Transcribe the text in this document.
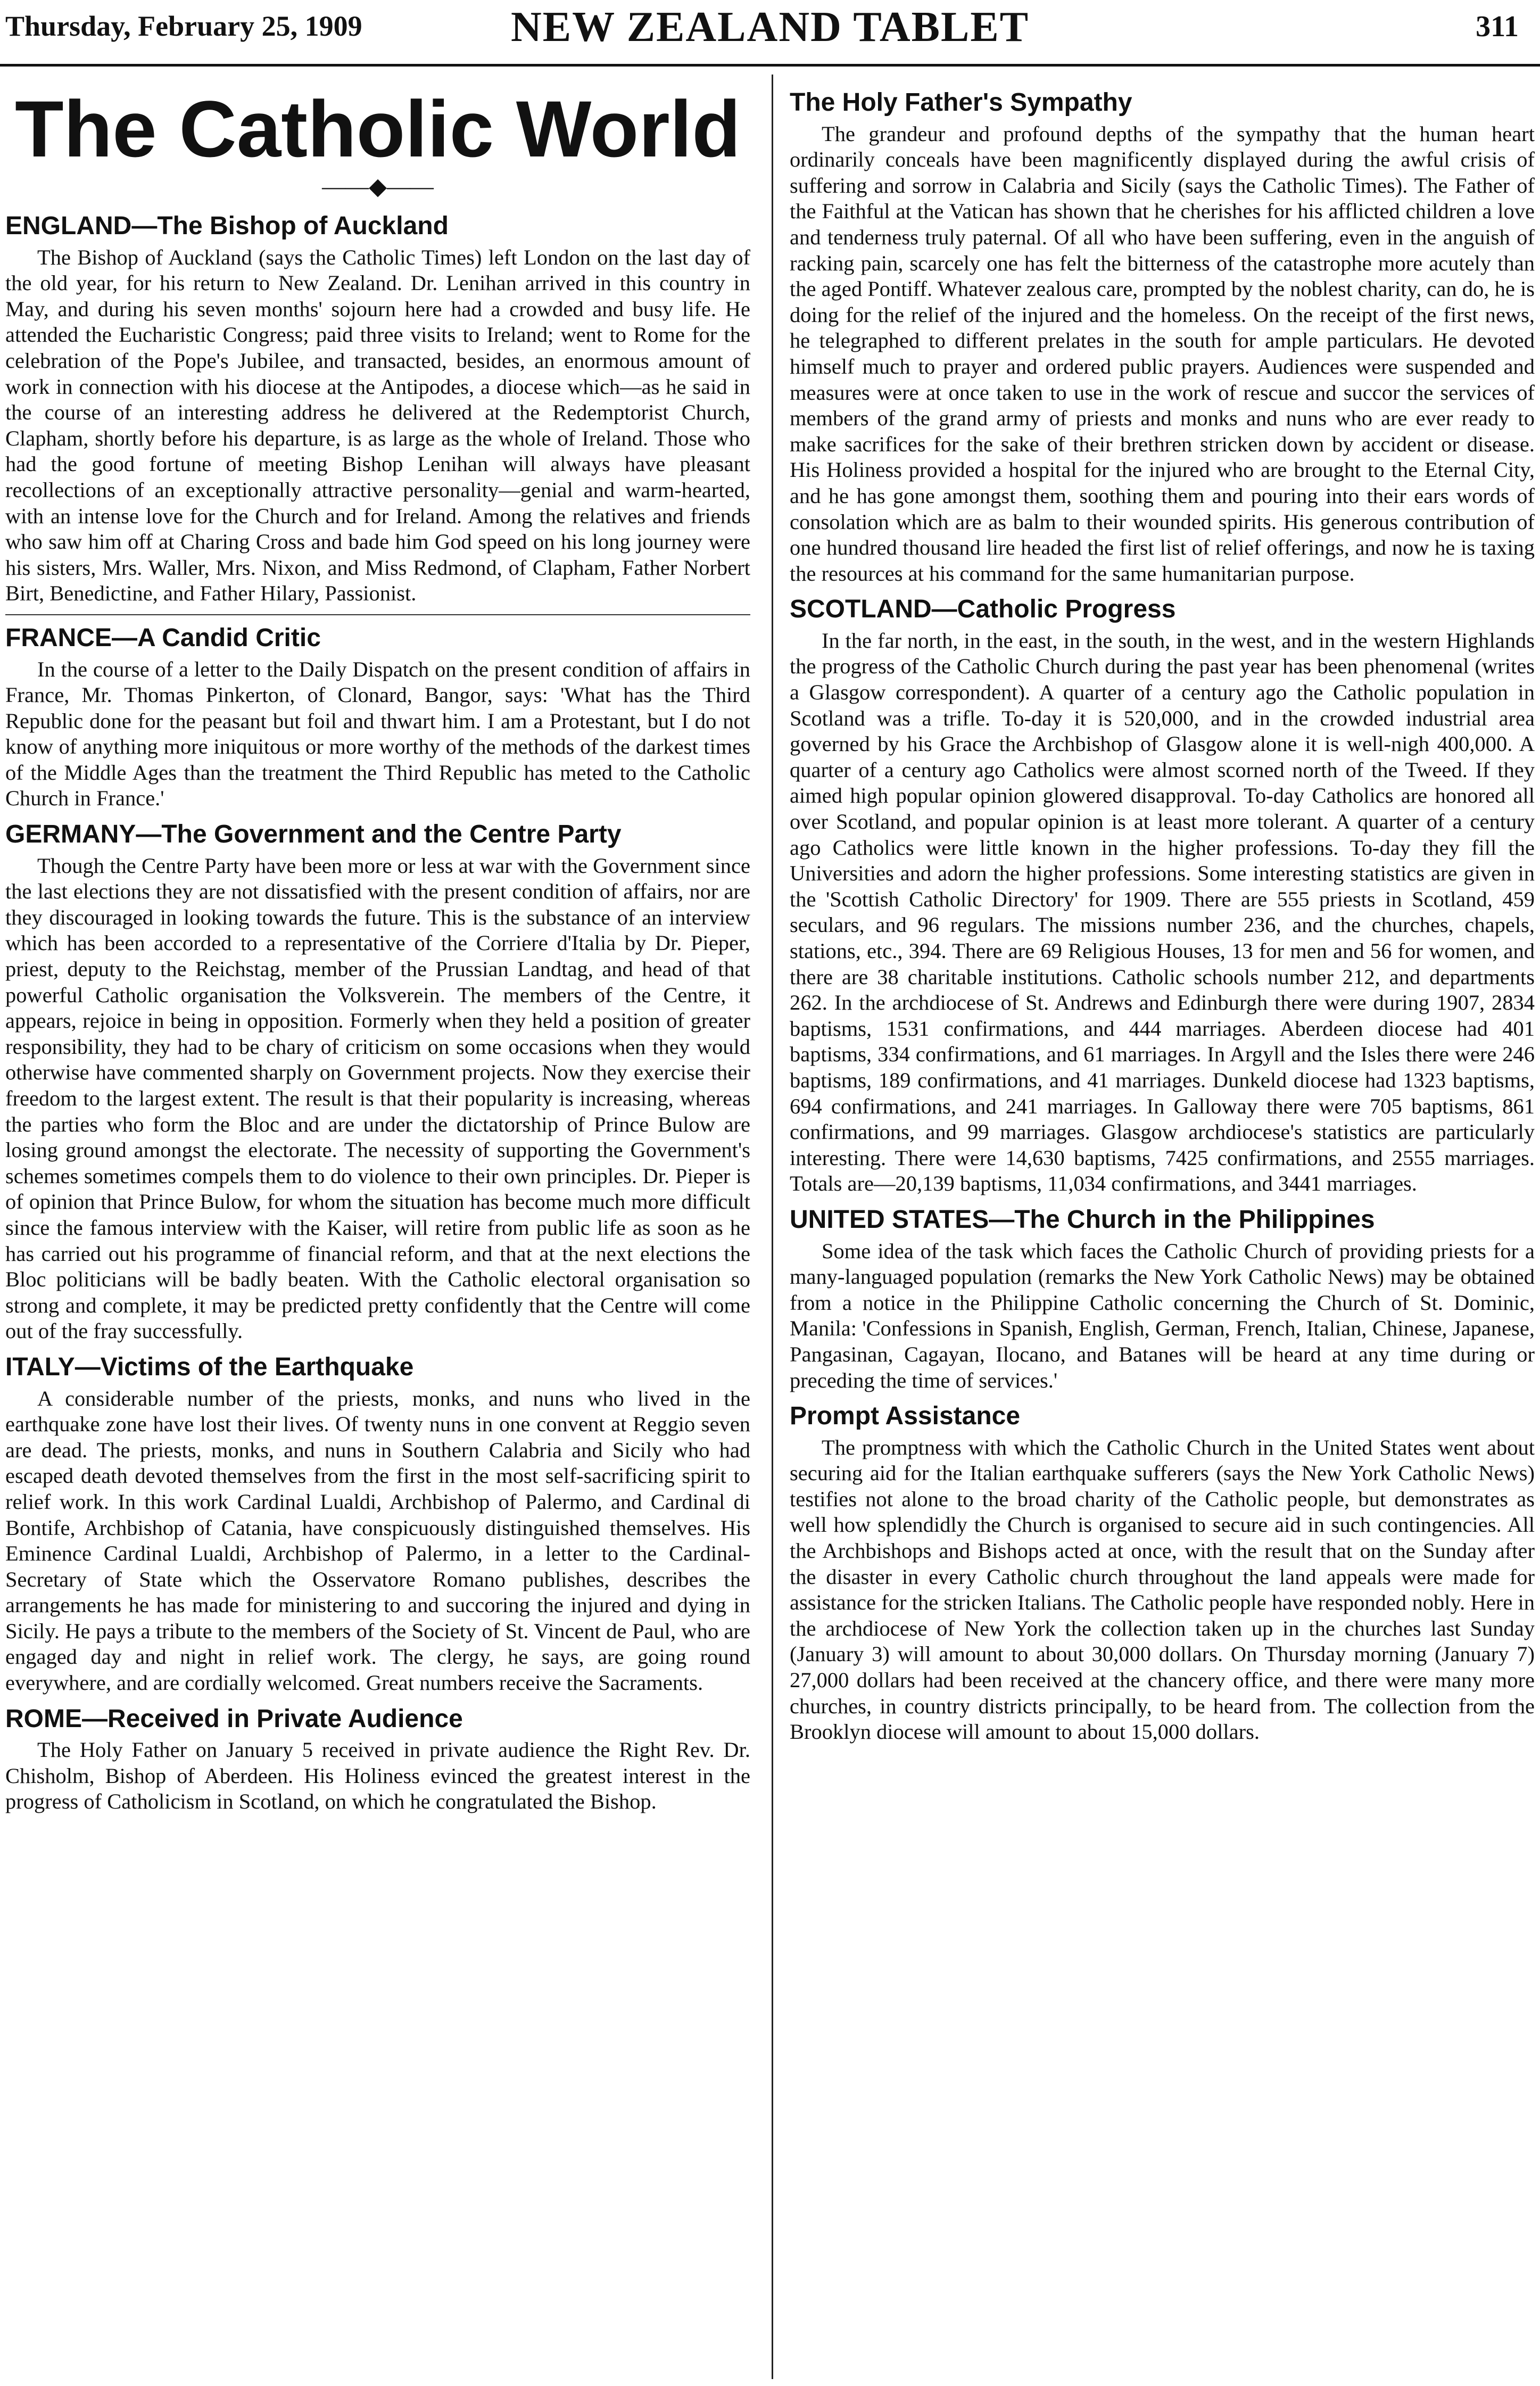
Thursday, February 25, 1909	NEW ZEALAND TABLET	311
The Catholic World
——◆——
ENGLAND—The Bishop of Auckland

The Bishop of Auckland (says the Catholic Times) left London on the last day of the old year, for his return to New Zealand. Dr. Lenihan arrived in this country in May, and during his seven months' sojourn here had a crowded and busy life. He attended the Eucharistic Congress; paid three visits to Ireland; went to Rome for the celebration of the Pope's Jubilee, and transacted, besides, an enormous amount of work in connection with his diocese at the Antipodes, a diocese which—as he said in the course of an interesting address he delivered at the Redemptorist Church, Clapham, shortly before his departure, is as large as the whole of Ireland. Those who had the good fortune of meeting Bishop Lenihan will always have pleasant recollections of an exceptionally attractive personality—genial and warm-hearted, with an intense love for the Church and for Ireland. Among the relatives and friends who saw him off at Charing Cross and bade him God speed on his long journey were his sisters, Mrs. Waller, Mrs. Nixon, and Miss Redmond, of Clapham, Father Norbert Birt, Benedictine, and Father Hilary, Passionist.

FRANCE—A Candid Critic

In the course of a letter to the Daily Dispatch on the present condition of affairs in France, Mr. Thomas Pinkerton, of Clonard, Bangor, says: 'What has the Third Republic done for the peasant but foil and thwart him. I am a Protestant, but I do not know of anything more iniquitous or more worthy of the methods of the darkest times of the Middle Ages than the treatment the Third Republic has meted to the Catholic Church in France.'

GERMANY—The Government and the Centre Party

Though the Centre Party have been more or less at war with the Government since the last elections they are not dissatisfied with the present condition of affairs, nor are they discouraged in looking towards the future. This is the substance of an interview which has been accorded to a representative of the Corriere d'Italia by Dr. Pieper, priest, deputy to the Reichstag, member of the Prussian Landtag, and head of that powerful Catholic organisation the Volksverein. The members of the Centre, it appears, rejoice in being in opposition. Formerly when they held a position of greater responsibility, they had to be chary of criticism on some occasions when they would otherwise have commented sharply on Government projects. Now they exercise their freedom to the largest extent. The result is that their popularity is increasing, whereas the parties who form the Bloc and are under the dictatorship of Prince Bulow are losing ground amongst the electorate. The necessity of supporting the Government's schemes sometimes compels them to do violence to their own principles. Dr. Pieper is of opinion that Prince Bulow, for whom the situation has become much more difficult since the famous interview with the Kaiser, will retire from public life as soon as he has carried out his programme of financial reform, and that at the next elections the Bloc politicians will be badly beaten. With the Catholic electoral organisation so strong and complete, it may be predicted pretty confidently that the Centre will come out of the fray successfully.

ITALY—Victims of the Earthquake

A considerable number of the priests, monks, and nuns who lived in the earthquake zone have lost their lives. Of twenty nuns in one convent at Reggio seven are dead. The priests, monks, and nuns in Southern Calabria and Sicily who had escaped death devoted themselves from the first in the most self-sacrificing spirit to relief work. In this work Cardinal Lualdi, Archbishop of Palermo, and Cardinal di Bontife, Archbishop of Catania, have conspicuously distinguished themselves. His Eminence Cardinal Lualdi, Archbishop of Palermo, in a letter to the Cardinal-Secretary of State which the Osservatore Romano publishes, describes the arrangements he has made for ministering to and succoring the injured and dying in Sicily. He pays a tribute to the members of the Society of St. Vincent de Paul, who are engaged day and night in relief work. The clergy, he says, are going round everywhere, and are cordially welcomed. Great numbers receive the Sacraments.

ROME—Received in Private Audience

The Holy Father on January 5 received in private audience the Right Rev. Dr. Chisholm, Bishop of Aberdeen. His Holiness evinced the greatest interest in the progress of Catholicism in Scotland, on which he congratulated the Bishop.

The Holy Father's Sympathy

The grandeur and profound depths of the sympathy that the human heart ordinarily conceals have been magnificently displayed during the awful crisis of suffering and sorrow in Calabria and Sicily (says the Catholic Times). The Father of the Faithful at the Vatican has shown that he cherishes for his afflicted children a love and tenderness truly paternal. Of all who have been suffering, even in the anguish of racking pain, scarcely one has felt the bitterness of the catastrophe more acutely than the aged Pontiff. Whatever zealous care, prompted by the noblest charity, can do, he is doing for the relief of the injured and the homeless. On the receipt of the first news, he telegraphed to different prelates in the south for ample particulars. He devoted himself much to prayer and ordered public prayers. Audiences were suspended and measures were at once taken to use in the work of rescue and succor the services of members of the grand army of priests and monks and nuns who are ever ready to make sacrifices for the sake of their brethren stricken down by accident or disease. His Holiness provided a hospital for the injured who are brought to the Eternal City, and he has gone amongst them, soothing them and pouring into their ears words of consolation which are as balm to their wounded spirits. His generous contribution of one hundred thousand lire headed the first list of relief offerings, and now he is taxing the resources at his command for the same humanitarian purpose.

SCOTLAND—Catholic Progress

In the far north, in the east, in the south, in the west, and in the western Highlands the progress of the Catholic Church during the past year has been phenomenal (writes a Glasgow correspondent). A quarter of a century ago the Catholic population in Scotland was a trifle. To-day it is 520,000, and in the crowded industrial area governed by his Grace the Archbishop of Glasgow alone it is well-nigh 400,000. A quarter of a century ago Catholics were almost scorned north of the Tweed. If they aimed high popular opinion glowered disapproval. To-day Catholics are honored all over Scotland, and popular opinion is at least more tolerant. A quarter of a century ago Catholics were little known in the higher professions. To-day they fill the Universities and adorn the higher professions. Some interesting statistics are given in the 'Scottish Catholic Directory' for 1909. There are 555 priests in Scotland, 459 seculars, and 96 regulars. The missions number 236, and the churches, chapels, stations, etc., 394. There are 69 Religious Houses, 13 for men and 56 for women, and there are 38 charitable institutions. Catholic schools number 212, and departments 262. In the archdiocese of St. Andrews and Edinburgh there were during 1907, 2834 baptisms, 1531 confirmations, and 444 marriages. Aberdeen diocese had 401 baptisms, 334 confirmations, and 61 marriages. In Argyll and the Isles there were 246 baptisms, 189 confirmations, and 41 marriages. Dunkeld diocese had 1323 baptisms, 694 confirmations, and 241 marriages. In Galloway there were 705 baptisms, 861 confirmations, and 99 marriages. Glasgow archdiocese's statistics are particularly interesting. There were 14,630 baptisms, 7425 confirmations, and 2555 marriages. Totals are—20,139 baptisms, 11,034 confirmations, and 3441 marriages.

UNITED STATES—The Church in the Philippines

Some idea of the task which faces the Catholic Church of providing priests for a many-languaged population (remarks the New York Catholic News) may be obtained from a notice in the Philippine Catholic concerning the Church of St. Dominic, Manila: 'Confessions in Spanish, English, German, French, Italian, Chinese, Japanese, Pangasinan, Cagayan, Ilocano, and Batanes will be heard at any time during or preceding the time of services.'

Prompt Assistance

The promptness with which the Catholic Church in the United States went about securing aid for the Italian earthquake sufferers (says the New York Catholic News) testifies not alone to the broad charity of the Catholic people, but demonstrates as well how splendidly the Church is organised to secure aid in such contingencies. All the Archbishops and Bishops acted at once, with the result that on the Sunday after the disaster in every Catholic church throughout the land appeals were made for assistance for the stricken Italians. The Catholic people have responded nobly. Here in the archdiocese of New York the collection taken up in the churches last Sunday (January 3) will amount to about 30,000 dollars. On Thursday morning (January 7) 27,000 dollars had been received at the chancery office, and there were many more churches, in country districts principally, to be heard from. The collection from the Brooklyn diocese will amount to about 15,000 dollars.
